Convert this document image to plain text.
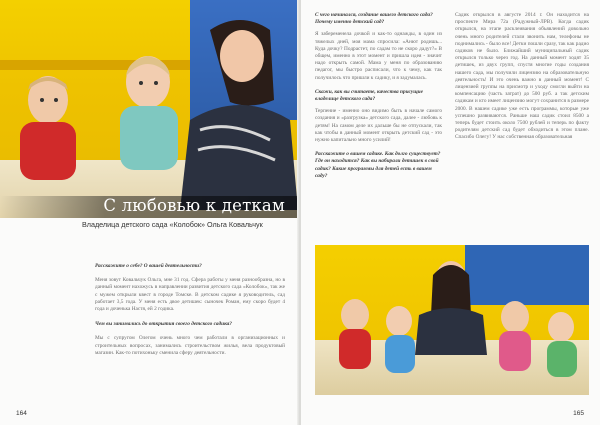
С любовью к деткам
Владелица детского сада «Колобок» Ольга Ковальчук

Расскажите о себе? О вашей деятельности?

Меня зовут Ковальчук Ольга, мне 31 год. Сфера работы у меня разнообразна, но в данный момент нахожусь в направлении развития детского сада «Колобок», так же с мужем открыли квест в городе Томске. В детском садике я руководитель, сад работает 3,5 года. У меня есть двое детишек: сыночек Роман, ему скоро будет 4 года и доченька Настя, ей 2 годика.

Чем вы занимались до открытия своего детского садика?

Мы с супругом Олегом очень много чем работали в организационных и строительных вопросах, занимались строительством жилья, вела продуктовый магазин. Как-то потихоньку сменила сферу деятельности.

164

С чего начинался, создание вашего детского сада? Почему именно детский сад?

Я забеременела дочкой и как-то однажды, в один из тяжелых дней, моя мама спросила: «Анют родишь... Куда дочку? Подрастет, по садам то не скоро дадут?» В общем, именно в этот момент и пришла идея - значит надо открыть самой. Мама у меня по образованию педагог, мы быстро расписали, что к чему, как так получилось что пришли к садику, и я задумалась.

Скажи, как вы считаете, качества присущие владелице детского сада?

Терпение - именно оно видимо быть в начале самого создания и «разгрузка» детского сада, далее - любовь к детям! На самом деле их дальше бы не отпускали, так как чтобы в данный момент открыть детский сад - это нужно капитально много усилий!

Расскажите о вашем садике. Как долго существует? Где он находится? Как вы набирали детишек в свой садик? Какие программы для детей есть в вашем саду?

Садик открылся в августе 2014 г. Он находится на проспекте Мира 72а (Радужный-ЛРВ). Когда садик открылся, на этапе расклеивания объявлений довольно очень много родителей стали звонить нам, телефоны не поднимались - было все! Детки пошли сразу, так как радио садиков не было. Ближайший муниципальный садик открылся только через год. На данный момент ходят 35 детишек, из двух групп, спустя многие годы создания нашего сада, мы получили лицензию на образовательную деятельность! И это очень важно в данный момент! С лицензией группы на присмотр и уходу смогли выйти на компенсацию (часть затрат) до 500 руб. а так детским садикам и кто имеет лицензию могут сохранится в размере 2000. В нашем садике уже есть программы, которые уже успешно развиваются. Раньше наш садик стоил 8500 а теперь будет стоить около 7500 рублей и теперь по факту родителям детский сад будет обходиться в этом плане. Спасибо Олегу! У нас собственная образовательная

165
